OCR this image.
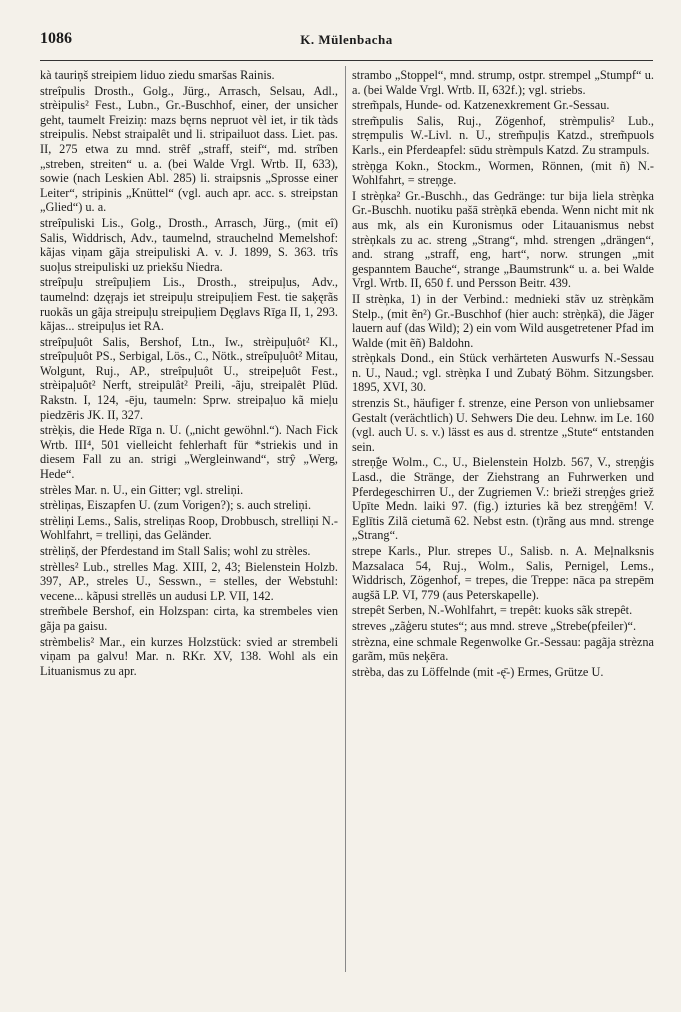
1086	K. Mülenbacha

kà tauriņš streipiem liduo ziedu smaršas Rainis.

streîpulis Drosth., Golg., Jürg., Arrasch, Selsau, Adl., strèipulis² Fest., Lubn., Gr.-Buschhof, einer, der unsicher geht, taumelt Freiziņ: mazs bęrns nepruot vèl iet, ir tik tàds streipulis. Nebst straipalêt und li. stripailuot dass. Liet. pas. II, 275 etwa zu mnd. strêf „straff, steif“, md. strîben „streben, streiten“ u. a. (bei Walde Vrgl. Wrtb. II, 633), sowie (nach Leskien Abl. 285) li. straipsnis „Sprosse einer Leiter“, stripinis „Knüttel“ (vgl. auch apr. acc. s. streipstan „Glied“) u. a.

streîpuliski Lis., Golg., Drosth., Arrasch, Jürg., (mit eî) Salis, Widdrisch, Adv., taumelnd, strauchelnd Memelshof: kãjas viņam gãja streipuliski A. v. J. 1899, S. 363. trîs suoļus streipuliski uz priekšu Niedra.

streîpuļu streîpuļiem Lis., Drosth., streipuļus, Adv., taumelnd: dzęŗajs iet streipuļu streipuļiem Fest. tie saķęrãs ruokãs un gãja streipuļu streipuļiem Dęglavs Rīga II, 1, 293. kãjas... streipuļus iet RA.

streîpuļuôt Salis, Bershof, Ltn., Iw., strèipuļuôt² Kl., streîpuļuôt PS., Serbigal, Lös., C., Nötk., streîpuļuôt² Mitau, Wolgunt, Ruj., AP., streîpuļuôt U., streipeļuôt Fest., strèipaļuôt² Nerft, streipulât² Preili, -ãju, streipalêt Plūd. Rakstn. I, 124, -ēju, taumeln: Sprw. streipaļuo kã mieļu piedzēris JK. II, 327.

strèķis, die Hede Rīga n. U. („nicht gewöhnl.“). Nach Fick Wrtb. III⁴, 501 vielleicht fehlerhaft für *striekis und in diesem Fall zu an. strigi „Wergleinwand“, strŷ „Werg, Hede“.

strèles Mar. n. U., ein Gitter; vgl. streliņi.

strèliņas, Eiszapfen U. (zum Vorigen?); s. auch streliņi.

strèliņi Lems., Salis, streliņas Roop, Drobbusch, strelliņi N.-Wohlfahrt, = trelliņi, das Geländer.

strèliņš, der Pferdestand im Stall Salis; wohl zu strèles.

strèlles² Lub., strelles Mag. XIII, 2, 43; Bielenstein Holzb. 397, AP., streles U., Sesswn., = stelles, der Webstuhl: vecene... kãpusi strellēs un audusi LP. VII, 142.

strem̃bele Bershof, ein Holzspan: cirta, ka strembeles vien gãja pa gaisu.

strèmbelis² Mar., ein kurzes Holzstück: svied ar strembeli viņam pa galvu! Mar. n. RKr. XV, 138. Wohl als ein Lituanismus zu apr.

strambo „Stoppel“, mnd. strump, ostpr. strempel „Stumpf“ u. a. (bei Walde Vrgl. Wrtb. II, 632f.); vgl. striebs.

strem̃pals, Hunde- od. Katzenexkrement Gr.-Sessau.

strem̃pulis Salis, Ruj., Zögenhof, strèmpulis² Lub., strẹmpulis W.-Livl. n. U., strem̃puļis Katzd., strem̃puols Karls., ein Pferdeapfel: sūdu strèmpuls Katzd. Zu strampuls.

strèņga Kokn., Stockm., Wormen, Rönnen, (mit ñ) N.-Wohlfahrt, = streņge.

I strèņka² Gr.-Buschh., das Gedränge: tur bija liela strèņka Gr.-Buschh. nuotiku pašā strèņkā ebenda. Wenn nicht mit nk aus mk, als ein Kuronismus oder Litauanismus nebst strèņkals zu ac. streng „Strang“, mhd. strengen „drängen“, and. strang „straff, eng, hart“, norw. strungen „mit gespanntem Bauche“, strange „Baumstrunk“ u. a. bei Walde Vrgl. Wrtb. II, 650 f. und Persson Beitr. 439.

II strèņka, 1) in der Verbind.: mednieki stãv uz strèņkãm Stelp., (mit ẽn²) Gr.-Buschhof (hier auch: strèņkā), die Jäger lauern auf (das Wild); 2) ein vom Wild ausgetretener Pfad im Walde (mit ẽñ) Baldohn.

strèņkals Dond., ein Stück verhärteten Auswurfs N.-Sessau n. U., Naud.; vgl. strèņka I und Zubatý Böhm. Sitzungsber. 1895, XVI, 30.

strenzis St., häufiger f. strenze, eine Person von unliebsamer Gestalt (verächtlich) U. Sehwers Die deu. Lehnw. im Le. 160 (vgl. auch U. s. v.) lässt es aus d. strentze „Stute“ entstanden sein.

streņ̃ģe Wolm., C., U., Bielenstein Holzb. 567, V., streņģis Lasd., die Stränge, der Ziehstrang an Fuhrwerken und Pferdegeschirren U., der Zugriemen V.: brieži streņģes griež Upīte Medn. laiki 97. (fig.) izturies kã bez streņģēm! V. Eglītis Zilã cietumã 62. Nebst estn. (t)rãng aus mnd. strenge „Strang“.

strepe Karls., Plur. strepes U., Salisb. n. A. Meļnalksnis Mazsalaca 54, Ruj., Wolm., Salis, Pernigel, Lems., Widdrisch, Zögenhof, = trepes, die Treppe: nāca pa strepēm augšã LP. VI, 779 (aus Peterskapelle).

strepêt Serben, N.-Wohlfahrt, = trepêt: kuoks sãk strepêt.

streves „zãģeru stutes“; aus mnd. streve „Strebe(pfeiler)“.

strèzna, eine schmale Regenwolke Gr.-Sessau: pagãja strèzna garãm, mūs neķēra.

strèba, das zu Löffelnde (mit -ę̄-) Ermes, Grütze U.
